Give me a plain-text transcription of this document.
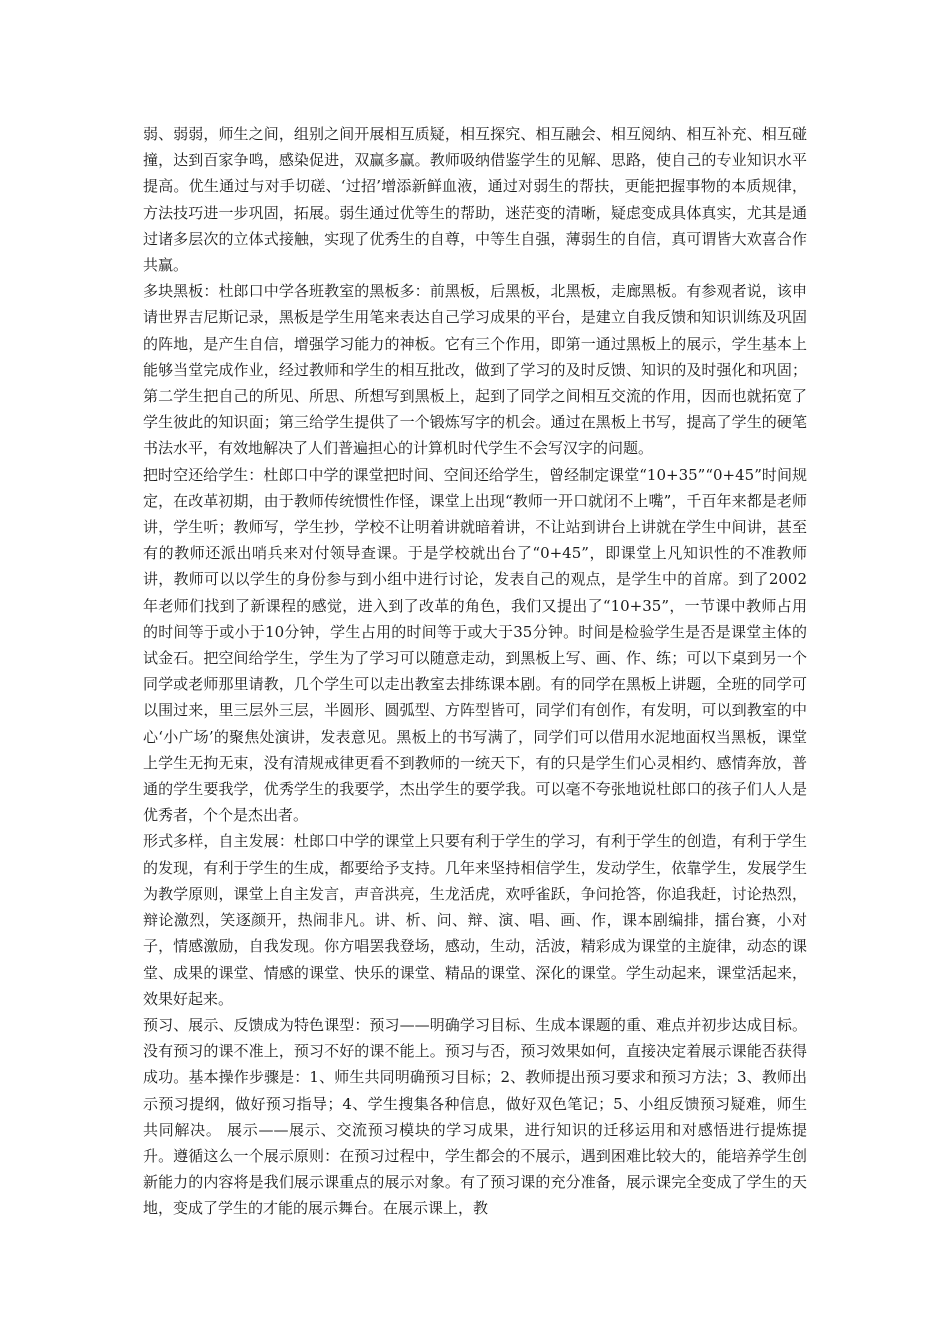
弱、弱弱，师生之间，组别之间开展相互质疑，相互探究、相互融会、相互阅纳、相互补充、相互碰撞，达到百家争鸣，感染促进，双赢多赢。教师吸纳借鉴学生的见解、思路，使自己的专业知识水平提高。优生通过与对手切磋、‘过招’增添新鲜血液，通过对弱生的帮扶，更能把握事物的本质规律，方法技巧进一步巩固，拓展。弱生通过优等生的帮助，迷茫变的清晰，疑虑变成具体真实，尤其是通过诸多层次的立体式接触，实现了优秀生的自尊，中等生自强，薄弱生的自信，真可谓皆大欢喜合作共赢。

多块黑板：杜郎口中学各班教室的黑板多：前黑板，后黑板，北黑板，走廊黑板。有参观者说，该申请世界吉尼斯记录，黑板是学生用笔来表达自己学习成果的平台，是建立自我反馈和知识训练及巩固的阵地，是产生自信，增强学习能力的神板。它有三个作用，即第一通过黑板上的展示，学生基本上能够当堂完成作业，经过教师和学生的相互批改，做到了学习的及时反馈、知识的及时强化和巩固；第二学生把自己的所见、所思、所想写到黑板上，起到了同学之间相互交流的作用，因而也就拓宽了学生彼此的知识面；第三给学生提供了一个锻炼写字的机会。通过在黑板上书写，提高了学生的硬笔书法水平，有效地解决了人们普遍担心的计算机时代学生不会写汉字的问题。

把时空还给学生：杜郎口中学的课堂把时间、空间还给学生，曾经制定课堂“10+35”“0+45”时间规定，在改革初期，由于教师传统惯性作怪，课堂上出现“教师一开口就闭不上嘴”，千百年来都是老师讲，学生听；教师写，学生抄，学校不让明着讲就暗着讲，不让站到讲台上讲就在学生中间讲，甚至有的教师还派出哨兵来对付领导查课。于是学校就出台了“0+45”，即课堂上凡知识性的不准教师讲，教师可以以学生的身份参与到小组中进行讨论，发表自己的观点，是学生中的首席。到了2002年老师们找到了新课程的感觉，进入到了改革的角色，我们又提出了“10+35”，一节课中教师占用的时间等于或小于10分钟，学生占用的时间等于或大于35分钟。时间是检验学生是否是课堂主体的试金石。把空间给学生，学生为了学习可以随意走动，到黑板上写、画、作、练；可以下桌到另一个同学或老师那里请教，几个学生可以走出教室去排练课本剧。有的同学在黑板上讲题，全班的同学可以围过来，里三层外三层，半圆形、圆弧型、方阵型皆可，同学们有创作，有发明，可以到教室的中心‘小广场’的聚焦处演讲，发表意见。黑板上的书写满了，同学们可以借用水泥地面权当黑板，课堂上学生无拘无束，没有清规戒律更看不到教师的一统天下，有的只是学生们心灵相约、感情奔放，普通的学生要我学，优秀学生的我要学，杰出学生的要学我。可以毫不夸张地说杜郎口的孩子们人人是优秀者，个个是杰出者。

形式多样，自主发展：杜郎口中学的课堂上只要有利于学生的学习，有利于学生的创造，有利于学生的发现，有利于学生的生成，都要给予支持。几年来坚持相信学生，发动学生，依靠学生，发展学生为教学原则，课堂上自主发言，声音洪亮，生龙活虎，欢呼雀跃，争问抢答，你追我赶，讨论热烈，辩论激烈，笑逐颜开，热闹非凡。讲、析、问、辩、演、唱、画、作，课本剧编排，擂台赛，小对子，情感激励，自我发现。你方唱罢我登场，感动，生动，活波，精彩成为课堂的主旋律，动态的课堂、成果的课堂、情感的课堂、快乐的课堂、精品的课堂、深化的课堂。学生动起来，课堂活起来，效果好起来。

预习、展示、反馈成为特色课型：预习——明确学习目标、生成本课题的重、难点并初步达成目标。没有预习的课不准上，预习不好的课不能上。预习与否，预习效果如何，直接决定着展示课能否获得成功。基本操作步骤是：1、师生共同明确预习目标；2、教师提出预习要求和预习方法；3、教师出示预习提纲，做好预习指导；4、学生搜集各种信息，做好双色笔记；5、小组反馈预习疑难，师生共同解决。 展示——展示、交流预习模块的学习成果，进行知识的迁移运用和对感悟进行提炼提升。遵循这么一个展示原则：在预习过程中，学生都会的不展示，遇到困难比较大的，能培养学生创新能力的内容将是我们展示课重点的展示对象。有了预习课的充分准备，展示课完全变成了学生的天地，变成了学生的才能的展示舞台。在展示课上，教
